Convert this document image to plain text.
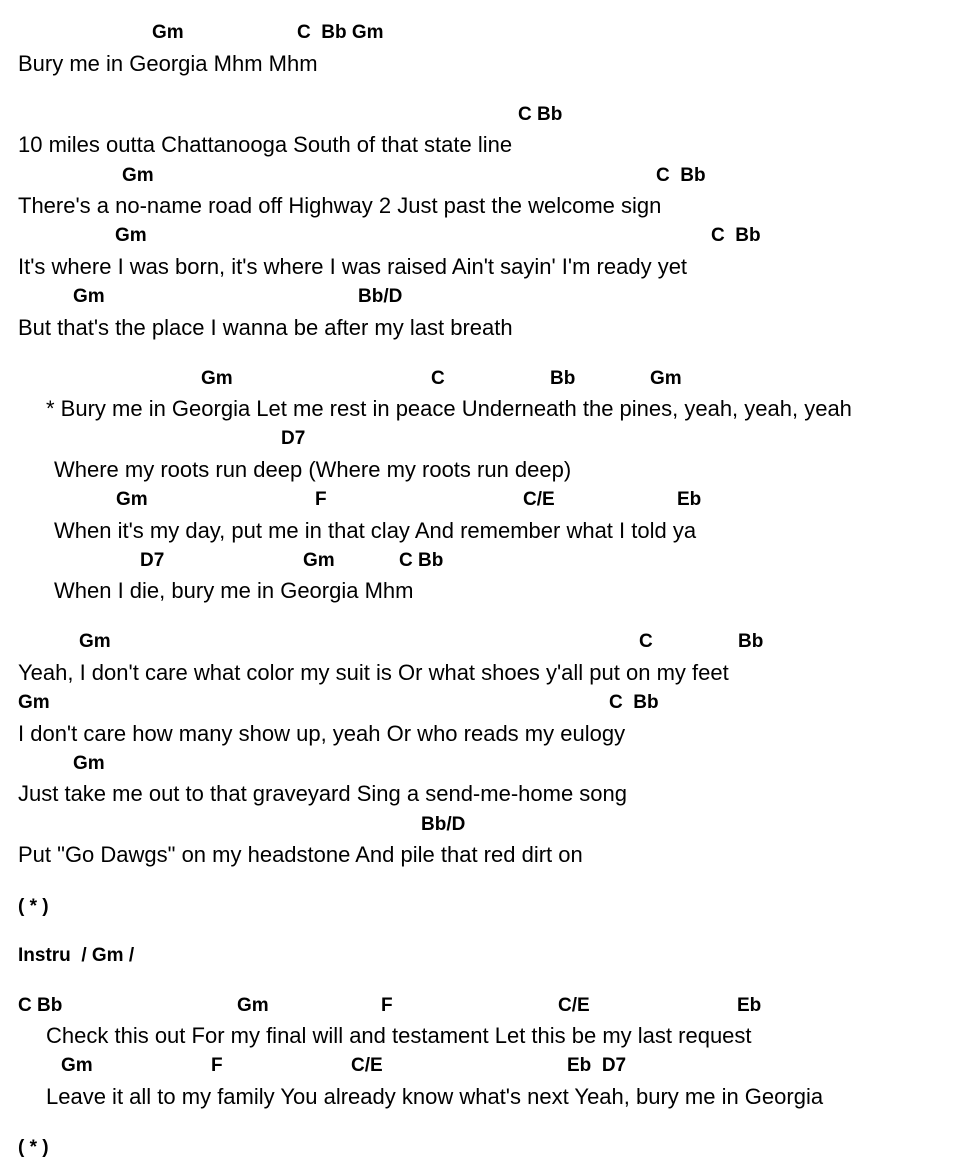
Gm	C  Bb Gm
Bury me in Georgia Mhm Mhm
C Bb
10 miles outta Chattanooga South of that state line
Gm	C  Bb
There's a no-name road off Highway 2 Just past the welcome sign
Gm	C  Bb
It's where I was born, it's where I was raised Ain't sayin' I'm ready yet
Gm	Bb/D
But that's the place I wanna be after my last breath
Gm	C	Bb	Gm
* Bury me in Georgia Let me rest in peace Underneath the pines, yeah, yeah, yeah
D7
Where my roots run deep (Where my roots run deep)
Gm	F	C/E	Eb
When it's my day, put me in that clay And remember what I told ya
D7	Gm	C Bb
When I die, bury me in Georgia Mhm
Gm	C	Bb
Yeah, I don't care what color my suit is Or what shoes y'all put on my feet
Gm	C  Bb
I don't care how many show up, yeah Or who reads my eulogy
Gm
Just take me out to that graveyard Sing a send-me-home song
Bb/D
Put "Go Dawgs" on my headstone And pile that red dirt on
( * )
Instru  / Gm /
C Bb	Gm	F	C/E	Eb
Check this out For my final will and testament Let this be my last request
Gm	F	C/E	Eb  D7
Leave it all to my family You already know what's next Yeah, bury me in Georgia
( * )
